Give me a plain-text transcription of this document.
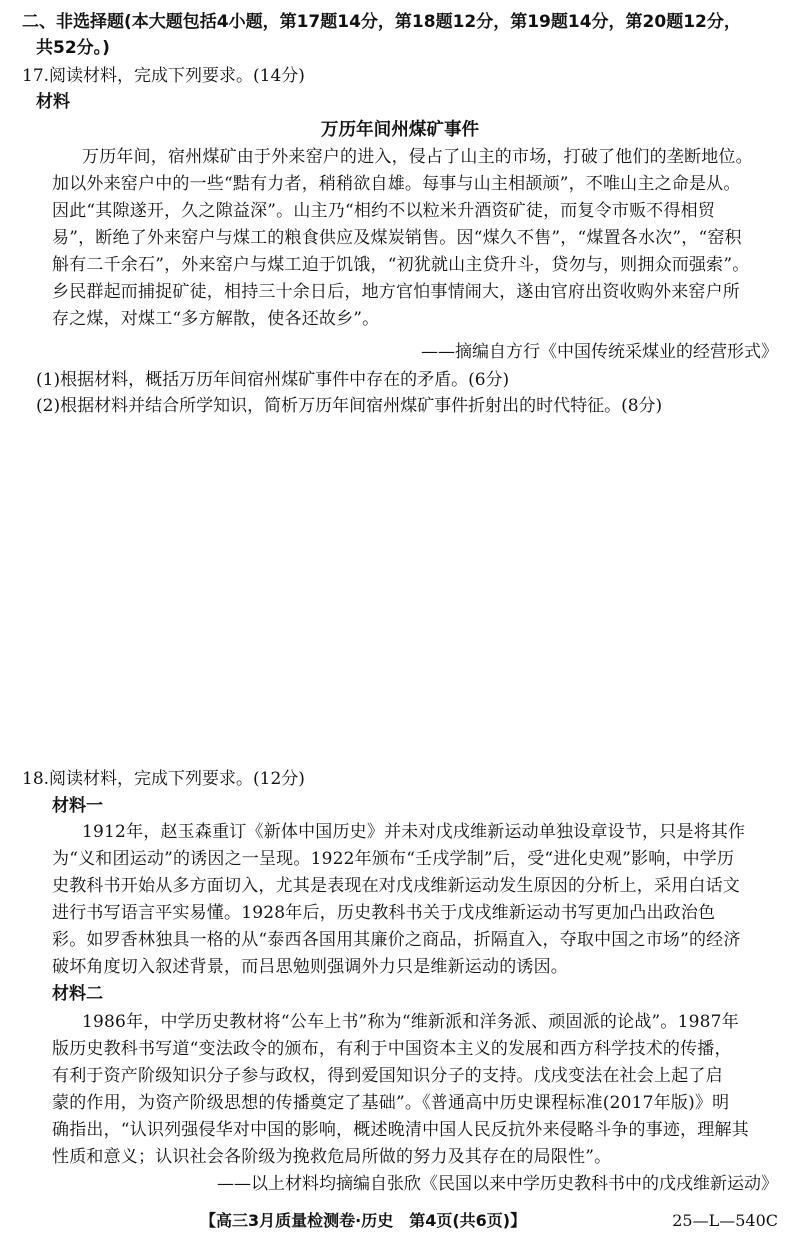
二、非选择题(本大题包括4小题，第17题14分，第18题12分，第19题14分，第20题12分，
共52分。)
17.阅读材料，完成下列要求。(14分)
材料
万历年间州煤矿事件
万历年间，宿州煤矿由于外来窑户的进入，侵占了山主的市场，打破了他们的垄断地位。
加以外来窑户中的一些“黠有力者，稍稍欲自雄。每事与山主相颉颃”，不唯山主之命是从。
因此“其隙遂开，久之隙益深”。山主乃“相约不以粒米升酒资矿徒，而复令市贩不得相贸
易”，断绝了外来窑户与煤工的粮食供应及煤炭销售。因“煤久不售”，“煤置各水次”，“窑积
斛有二千余石”，外来窑户与煤工迫于饥饿，“初犹就山主贷升斗，贷勿与，则拥众而强索”。
乡民群起而捕捉矿徒，相持三十余日后，地方官怕事情闹大，遂由官府出资收购外来窑户所
存之煤，对煤工“多方解散，使各还故乡”。
——摘编自方行《中国传统采煤业的经营形式》
(1)根据材料，概括万历年间宿州煤矿事件中存在的矛盾。(6分)
(2)根据材料并结合所学知识，简析万历年间宿州煤矿事件折射出的时代特征。(8分)
18.阅读材料，完成下列要求。(12分)
材料一
1912年，赵玉森重订《新体中国历史》并未对戊戌维新运动单独设章设节，只是将其作
为“义和团运动”的诱因之一呈现。1922年颁布“壬戌学制”后，受“进化史观”影响，中学历
史教科书开始从多方面切入，尤其是表现在对戊戌维新运动发生原因的分析上，采用白话文
进行书写语言平实易懂。1928年后，历史教科书关于戊戌维新运动书写更加凸出政治色
彩。如罗香林独具一格的从“泰西各国用其廉价之商品，折隔直入，夺取中国之市场”的经济
破坏角度切入叙述背景，而吕思勉则强调外力只是维新运动的诱因。
材料二
1986年，中学历史教材将“公车上书”称为“维新派和洋务派、顽固派的论战”。1987年
版历史教科书写道“变法政令的颁布，有利于中国资本主义的发展和西方科学技术的传播，
有利于资产阶级知识分子参与政权，得到爱国知识分子的支持。戊戌变法在社会上起了启
蒙的作用，为资产阶级思想的传播奠定了基础”。《普通高中历史课程标准(2017年版)》明
确指出，“认识列强侵华对中国的影响，概述晚清中国人民反抗外来侵略斗争的事迹，理解其
性质和意义；认识社会各阶级为挽救危局所做的努力及其存在的局限性”。
——以上材料均摘编自张欣《民国以来中学历史教科书中的戊戌维新运动》
【高三3月质量检测卷·历史　第4页(共6页)】	25—L—540C
